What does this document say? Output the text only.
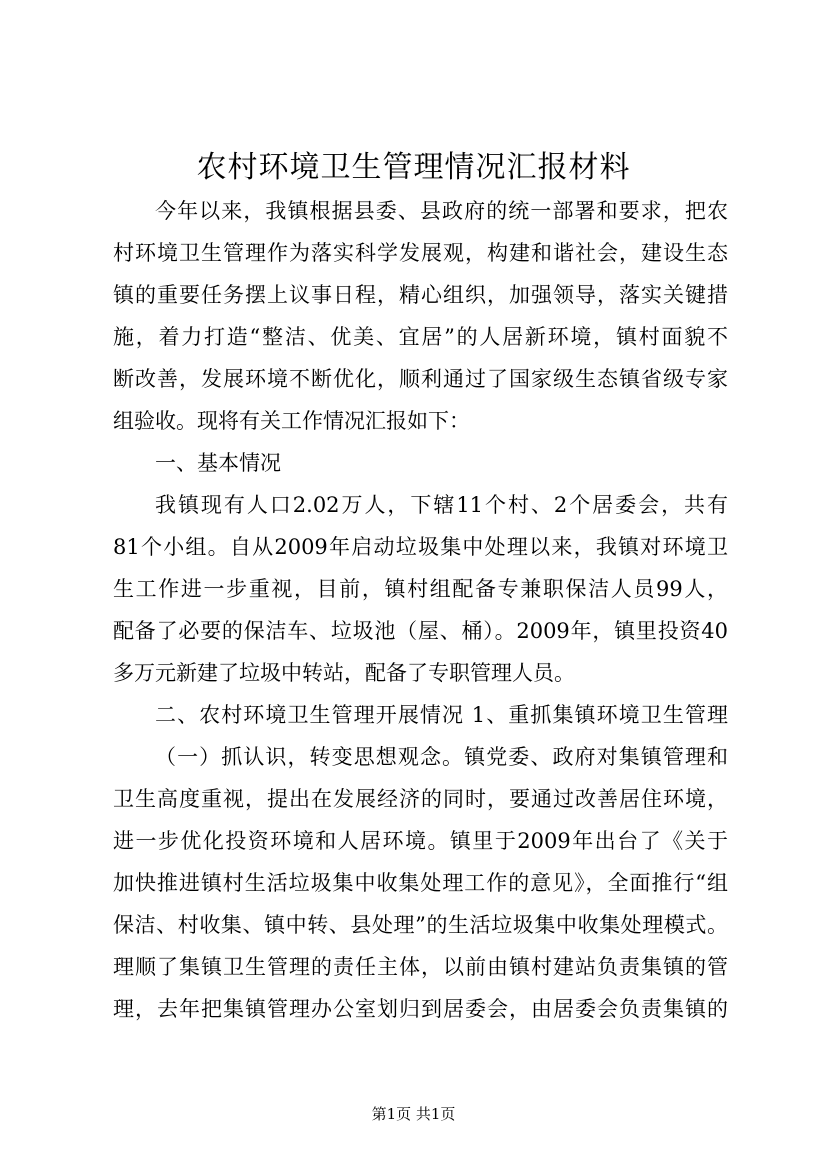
农村环境卫生管理情况汇报材料

今年以来，我镇根据县委、县政府的统一部署和要求，把农

村环境卫生管理作为落实科学发展观，构建和谐社会，建设生态

镇的重要任务摆上议事日程，精心组织，加强领导，落实关键措

施，着力打造“整洁、优美、宜居”的人居新环境，镇村面貌不

断改善，发展环境不断优化，顺利通过了国家级生态镇省级专家

组验收。现将有关工作情况汇报如下：

一、基本情况

我镇现有人口2.02万人，下辖11个村、2个居委会，共有

81个小组。自从2009年启动垃圾集中处理以来，我镇对环境卫

生工作进一步重视，目前，镇村组配备专兼职保洁人员99人，

配备了必要的保洁车、垃圾池（屋、桶）。2009年，镇里投资40

多万元新建了垃圾中转站，配备了专职管理人员。

二、农村环境卫生管理开展情况 1、重抓集镇环境卫生管理

（一）抓认识，转变思想观念。镇党委、政府对集镇管理和

卫生高度重视，提出在发展经济的同时，要通过改善居住环境，

进一步优化投资环境和人居环境。镇里于2009年出台了《关于

加快推进镇村生活垃圾集中收集处理工作的意见》，全面推行“组

保洁、村收集、镇中转、县处理”的生活垃圾集中收集处理模式。

理顺了集镇卫生管理的责任主体，以前由镇村建站负责集镇的管

理，去年把集镇管理办公室划归到居委会，由居委会负责集镇的

第1页 共1页
